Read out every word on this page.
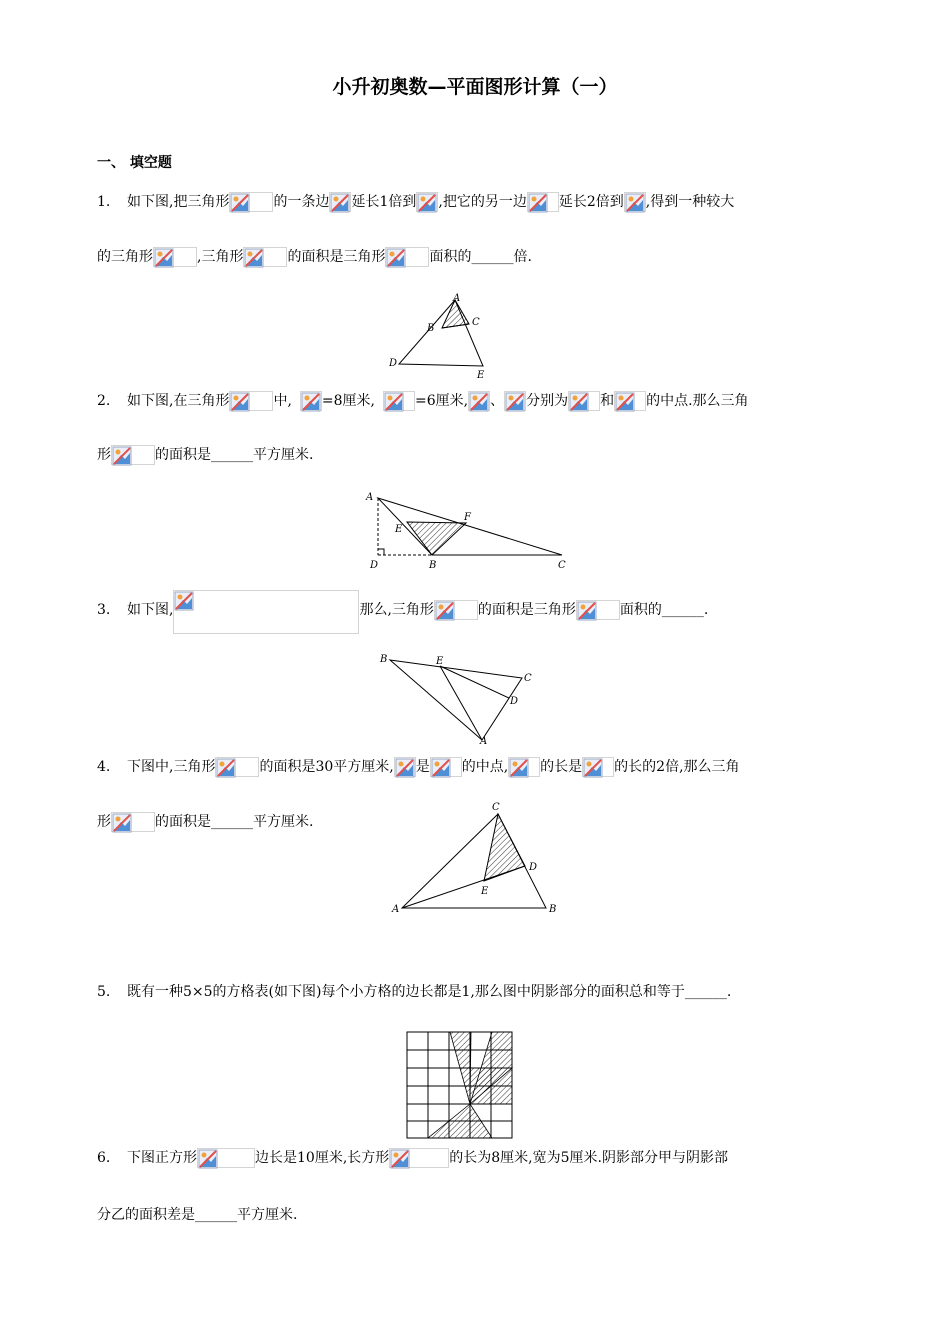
小升初奥数—平面图形计算（一）
一、 填空题
1. 如下图,把三角形	的一条边 延长1倍到 ,把它的另一边 延长2倍到 ,得到一种较大
的三角形	,三角形	的面积是三角形	面积的______倍.
A
B
C
D
E
2. 如下图,在三角形	中, =8厘米,	=6厘米, 、 分别为 和 的中点.那么三角
形	的面积是______平方厘米.
A
E
F
D	B	C
3. 如下图,	那么,三角形	的面积是三角形	面积的______.
B	E
C
D
A
4. 下图中,三角形	的面积是30平方厘米, 是 的中点, 的长是 的长的2倍,那么三角
形	的面积是______平方厘米.
C
D
E
A	B
5. 既有一种5×5的方格表(如下图)每个小方格的边长都是1,那么图中阴影部分的面积总和等于______.
6. 下图正方形	边长是10厘米,长方形	的长为8厘米,宽为5厘米.阴影部分甲与阴影部
分乙的面积差是______平方厘米.
